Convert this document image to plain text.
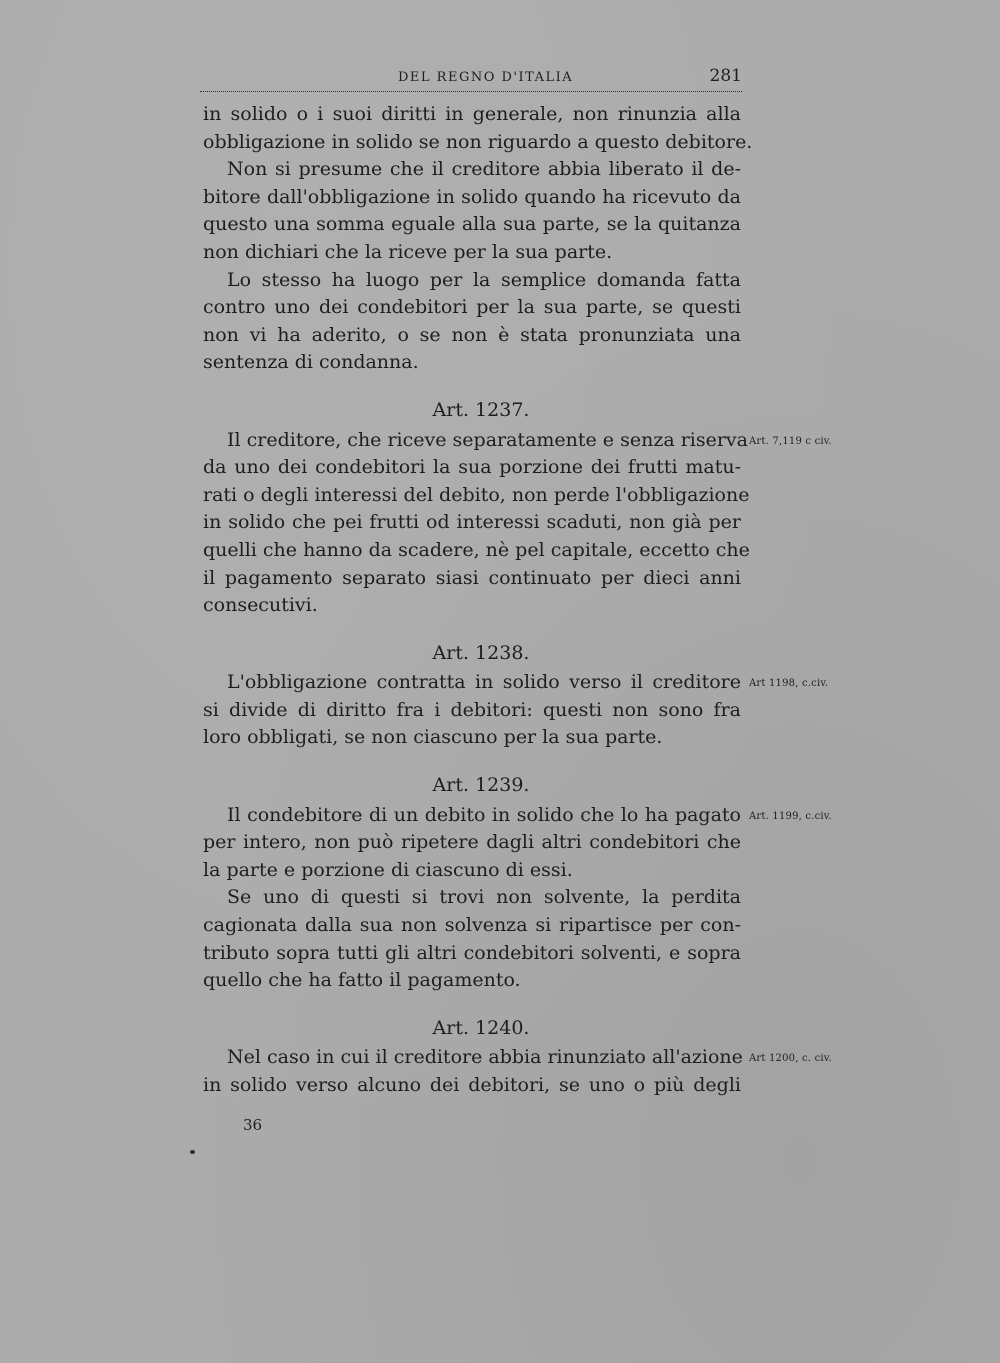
DEL REGNO D'ITALIA	281
in solido o i suoi diritti in generale, non rinunzia alla
obbligazione in solido se non riguardo a questo debitore.
Non si presume che il creditore abbia liberato il de-
bitore dall'obbligazione in solido quando ha ricevuto da
questo una somma eguale alla sua parte, se la quitanza
non dichiari che la riceve per la sua parte.
Lo stesso ha luogo per la semplice domanda fatta
contro uno dei condebitori per la sua parte, se questi
non vi ha aderito, o se non è stata pronunziata una
sentenza di condanna.
Art. 1237.
Il creditore, che riceve separatamente e senza riserva
da uno dei condebitori la sua porzione dei frutti matu-
rati o degli interessi del debito, non perde l'obbligazione
in solido che pei frutti od interessi scaduti, non già per
quelli che hanno da scadere, nè pel capitale, eccetto che
il pagamento separato siasi continuato per dieci anni
consecutivi.
Art. 1238.
L'obbligazione contratta in solido verso il creditore
si divide di diritto fra i debitori: questi non sono fra
loro obbligati, se non ciascuno per la sua parte.
Art. 1239.
Il condebitore di un debito in solido che lo ha pagato
per intero, non può ripetere dagli altri condebitori che
la parte e porzione di ciascuno di essi.
Se uno di questi si trovi non solvente, la perdita
cagionata dalla sua non solvenza si ripartisce per con-
tributo sopra tutti gli altri condebitori solventi, e sopra
quello che ha fatto il pagamento.
Art. 1240.
Nel caso in cui il creditore abbia rinunziato all'azione
in solido verso alcuno dei debitori, se uno o più degli
Art. 7,119 c civ.
Art 1198, c.civ.
Art. 1199, c.civ.
Art 1200, c. civ.
36
